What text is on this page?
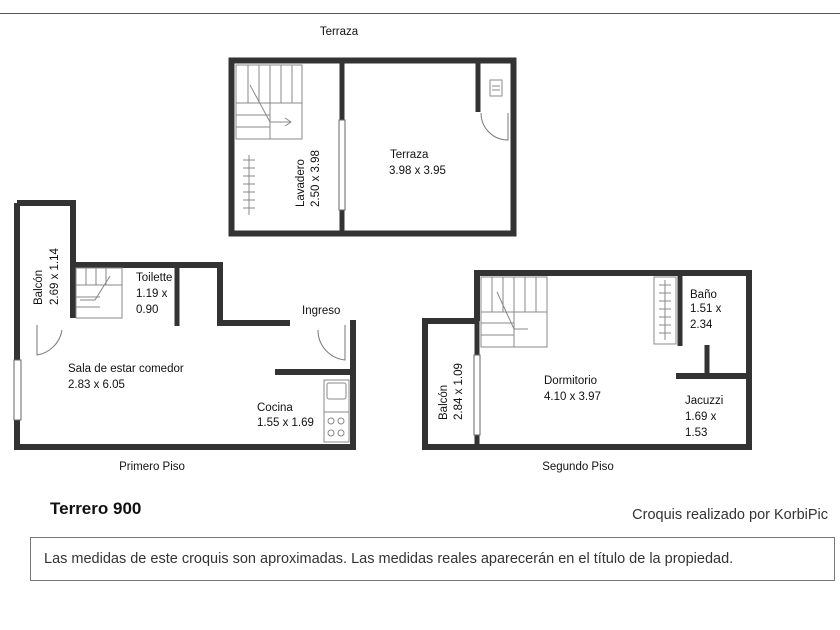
Terraza
Lavadero 2.50 x 3.98	Terraza
3.98 x 3.95
Primero Piso
Balcón 2.69 x 1.14	Toilette
1.19 x
0.90	Ingreso
Sala de estar comedor
2.83 x 6.05
Cocina
1.55 x 1.69
Segundo Piso
Balcón 2.84 x 1.09	Dormitorio
4.10 x 3.97
Baño
1.51 x
2.34
Jacuzzi
1.69 x
1.53
Terrero 900	Croquis realizado por KorbiPic
Las medidas de este croquis son aproximadas. Las medidas reales aparecerán en el título de la propiedad.
